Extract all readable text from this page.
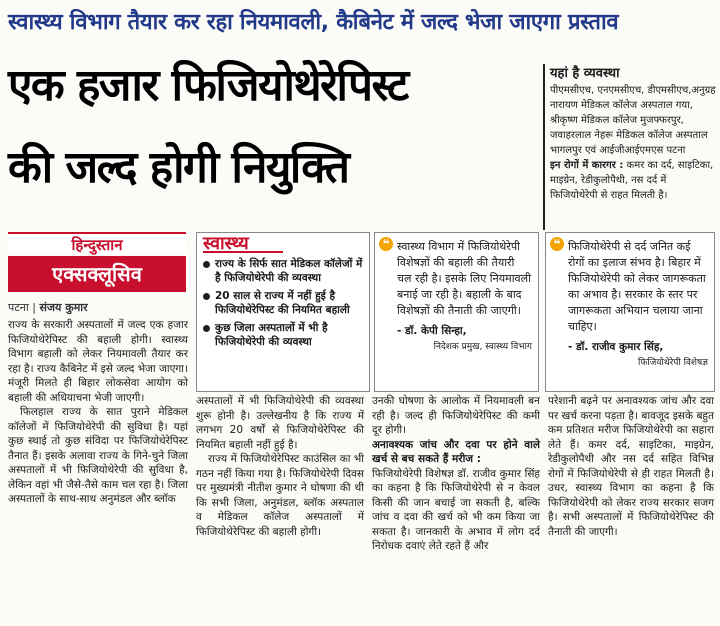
स्वास्थ्य विभाग तैयार कर रहा नियमावली, कैबिनेट में जल्द भेजा जाएगा प्रस्ताव
एक हजार फिजियोथेरेपिस्ट
की जल्द होगी नियुक्ति
यहां है व्यवस्था
पीएमसीएच, एनएमसीएच, डीएमसीएच,अनुग्रह नारायण मेडिकल कॉलेज अस्पताल गया, श्रीकृष्ण मेडिकल कॉलेज मुजफ्फरपुर, जवाहरलाल नेहरू मेडिकल कॉलेज अस्पताल भागलपुर एवं आईजीआईएमएस पटना
इन रोगों में कारगर : कमर का दर्द, साइटिका, माइग्रेन, रेडीकुलोपैथी, नस दर्द में फिजियोथेरेपी से राहत मिलती है।
हिन्दुस्तान
एक्सक्लूसिव
पटना | संजय कुमार
स्वास्थ्य
राज्य के सिर्फ सात मेडिकल कॉलेजों में है फिजियोथेरेपी की व्यवस्था
20 साल से राज्य में नहीं हुई है फिजियोथेरेपिस्ट की नियमित बहाली
कुछ जिला अस्पतालों में भी है फिजियोथेरेपी की व्यवस्था
❝ स्वास्थ्य विभाग में फिजियोथेरेपी विशेषज्ञों की बहाली की तैयारी चल रही है। इसके लिए नियमावली बनाई जा रही है। बहाली के बाद विशेषज्ञों की तैनाती की जाएगी।
- डॉ. केपी सिन्हा,
निदेशक प्रमुख, स्वास्थ्य विभाग
❝ फिजियोथेरेपी से दर्द जनित कई रोगों का इलाज संभव है। बिहार में फिजियोथेरेपी को लेकर जागरूकता का अभाव है। सरकार के स्तर पर जागरूकता अभियान चलाया जाना चाहिए।
- डॉ. राजीव कुमार सिंह,
फिजियोथेरेपी विशेषज्ञ

राज्य के सरकारी अस्पतालों में जल्द एक हजार फिजियोथेरेपिस्ट की बहाली होगी। स्वास्थ्य विभाग बहाली को लेकर नियमावली तैयार कर रहा है। राज्य कैबिनेट में इसे जल्द भेजा जाएगा। मंजूरी मिलते ही बिहार लोकसेवा आयोग को बहाली की अधियाचना भेजी जाएगी।

फिलहाल राज्य के सात पुराने मेडिकल कॉलेजों में फिजियोथेरेपी की सुविधा है। यहां कुछ स्थाई तो कुछ संविदा पर फिजियोथेरेपिस्ट तैनात हैं। इसके अलावा राज्य के गिने-चुने जिला अस्पतालों में भी फिजियोथेरेपी की सुविधा है, लेकिन वहां भी जैसे-तैसे काम चल रहा है। जिला अस्पतालों के साथ-साथ अनुमंडल और ब्लॉक

अस्पतालों में भी फिजियोथेरेपी की व्यवस्था शुरू होनी है। उल्लेखनीय है कि राज्य में लगभग 20 वर्षों से फिजियोथेरेपिस्ट की नियमित बहाली नहीं हुई है।

राज्य में फिजियोथेरेपिस्ट काउंसिल का भी गठन नहीं किया गया है। फिजियोथेरेपी दिवस पर मुख्यमंत्री नीतीश कुमार ने घोषणा की थी कि सभी जिला, अनुमंडल, ब्लॉक अस्पताल व मेडिकल कॉलेज अस्पतालों में फिजियोथेरेपिस्ट की बहाली होगी।

उनकी घोषणा के आलोक में नियमावली बन रही है। जल्द ही फिजियोथेरेपिस्ट की कमी दूर होगी।

अनावश्यक जांच और दवा पर होने वाले खर्च से बच सकते हैं मरीज :

फिजियोथेरेपी विशेषज्ञ डॉ. राजीव कुमार सिंह का कहना है कि फिजियोथेरेपी से न केवल किसी की जान बचाई जा सकती है, बल्कि जांच व दवा की खर्च को भी कम किया जा सकता है। जानकारी के अभाव में लोग दर्द निरोधक दवाएं लेते रहते हैं और

परेशानी बढ़ने पर अनावश्यक जांच और दवा पर खर्च करना पड़ता है। बावजूद इसके बहुत कम प्रतिशत मरीज फिजियोथेरेपी का सहारा लेते हैं। कमर दर्द, साइटिका, माइग्रेन, रेडीकुलोपैथी और नस दर्द सहित विभिन्न रोगों में फिजियोथेरेपी से ही राहत मिलती है। उधर, स्वास्थ्य विभाग का कहना है कि फिजियोथेरेपी को लेकर राज्य सरकार सजग है। सभी अस्पतालों में फिजियोथेरेपिस्ट की तैनाती की जाएगी।
